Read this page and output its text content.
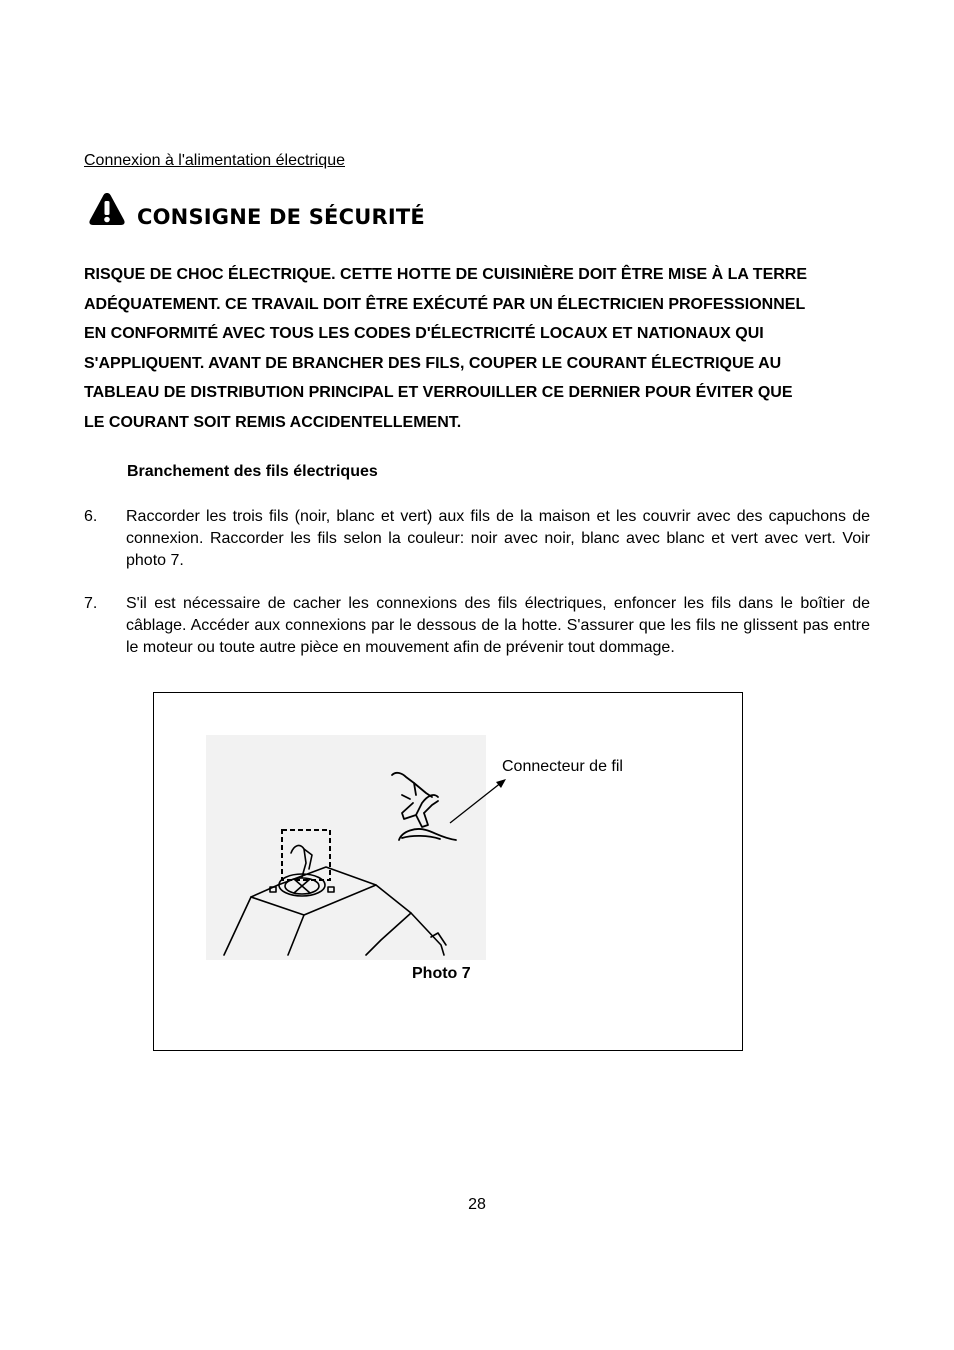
Connexion à l'alimentation électrique
CONSIGNE DE SÉCURITÉ
RISQUE DE CHOC ÉLECTRIQUE. CETTE HOTTE DE CUISINIÈRE DOIT ÊTRE MISE À LA TERRE
ADÉQUATEMENT. CE TRAVAIL DOIT ÊTRE EXÉCUTÉ PAR UN ÉLECTRICIEN PROFESSIONNEL
EN CONFORMITÉ AVEC TOUS LES CODES D'ÉLECTRICITÉ LOCAUX ET NATIONAUX QUI
S'APPLIQUENT. AVANT DE BRANCHER DES FILS, COUPER LE COURANT ÉLECTRIQUE AU
TABLEAU DE DISTRIBUTION PRINCIPAL ET VERROUILLER CE DERNIER POUR ÉVITER QUE
LE COURANT SOIT REMIS ACCIDENTELLEMENT.
Branchement des fils électriques
6. Raccorder les trois fils (noir, blanc et vert) aux fils de la maison et les couvrir avec des capuchons de connexion. Raccorder les fils selon la couleur: noir avec noir, blanc avec blanc et vert avec vert. Voir photo 7.
7. S'il est nécessaire de cacher les connexions des fils électriques, enfoncer les fils dans le boîtier de câblage. Accéder aux connexions par le dessous de la hotte. S'assurer que les fils ne glissent pas entre le moteur ou toute autre pièce en mouvement afin de prévenir tout dommage.
Connecteur de fil
Photo 7
28
